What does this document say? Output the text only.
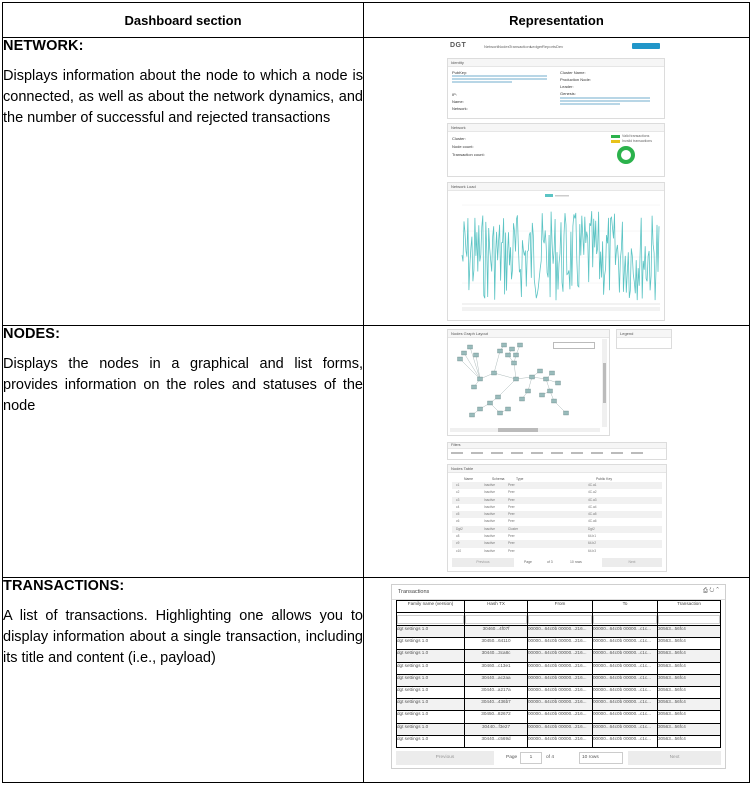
Dashboard section	Representation

NETWORK:

Displays information about the node to which a node is connected, as well as about the network dynamics, and the number of successful and rejected transactions

DGT	Network Nodes Transactions
Ledger Reports Dev
Identity
PubKey:
IP:
Name:
Network:
Cluster Name:
Production Node:
Leader:
Genesis:
Network
Cluster:
Node count:
Transaction count:
Valid transactions
Invalid transactions
Network Load

NODES:

Displays the nodes in a graphical and list forms, provides information on the roles and statuses of the node

Nodes Graph Layout	Legend
Filters
Nodes Table
Name	Schema	Type	Public Key
c1	Inactive	Peer	4C.a1
c2	Inactive	Peer	4C.a2
c3	Inactive	Peer	4C.a3
c4	Inactive	Peer	4C.a4
c5	Inactive	Peer	4C.a5
c6	Inactive	Peer	4C.a6
Dgt2	Inactive	Cluster	Dgt2
c8	Inactive	Peer	64.b1
c9	Inactive	Peer	64.b2
c10	Inactive	Peer	64.b3
Previous	Page	of 3	10 rows	Next

TRANSACTIONS:

A list of transactions. Highlighting one allows you to display information about a single transaction, including its title and content (i.e., payload)

Transactions	⎙ ↻ ⌃
Family name (version)	Hash TX	From	To	Transaction

dgt settings 1.0	30460...4f07f	00000...64c0b 00000...216...	00000...64c0b 00000...c1c...	30563...56fc4
dgt settings 1.0	30450...64110	00000...64c0b 00000...216...	00000...64c0b 00000...c1c...	30563...56fc4
dgt settings 1.0	30440...3ca8c	00000...64c0b 00000...216...	00000...64c0b 00000...c1c...	30563...56fc4
dgt settings 1.0	30460...c13e1	00000...64c0b 00000...216...	00000...64c0b 00000...c1c...	30563...56fc4
dgt settings 1.0	30440...ac2aa	00000...64c0b 00000...216...	00000...64c0b 00000...c1c...	30563...56fc4
dgt settings 1.0	30440...a217a	00000...64c0b 00000...216...	00000...64c0b 00000...c1c...	30563...56fc4
dgt settings 1.0	30440...436b7	00000...64c0b 00000...216...	00000...64c0b 00000...c1c...	30563...56fc4
dgt settings 1.0	30450...82672	00000...64c0b 00000...216...	00000...64c0b 00000...c1c...	30563...56fc4
dgt settings 1.0	30440...f3e27	00000...64c0b 00000...216...	00000...64c0b 00000...c1c...	30563...56fc4
dgt settings 1.0	30440...c569d	00000...64c0b 00000...216...	00000...64c0b 00000...c1c...	30563...56fc4
Previous	Page	1	of 4	10 rows	Next
